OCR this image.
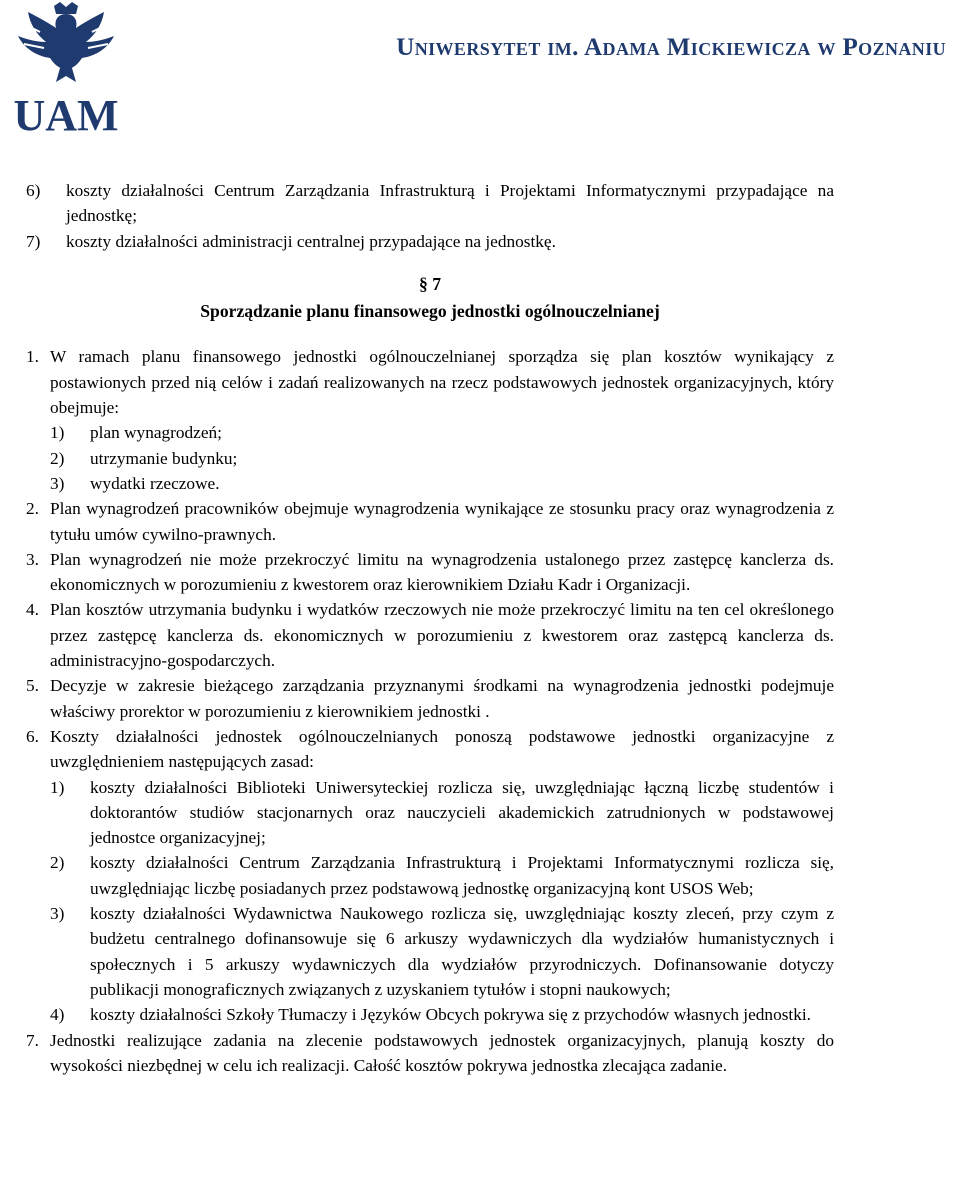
UAM
Uniwersytet im. Adama Mickiewicza w Poznaniu
6)	koszty działalności Centrum Zarządzania Infrastrukturą i Projektami Informatycznymi przypadające na jednostkę;
7)	koszty działalności administracji centralnej przypadające na jednostkę.
§ 7
Sporządzanie planu finansowego jednostki ogólnouczelnianej
1. W ramach planu finansowego jednostki ogólnouczelnianej sporządza się plan kosztów wynikający z postawionych przed nią celów i zadań realizowanych na rzecz podstawowych jednostek organizacyjnych, który obejmuje:
1)	plan wynagrodzeń;
2)	utrzymanie budynku;
3)	wydatki rzeczowe.
2. Plan wynagrodzeń pracowników obejmuje wynagrodzenia wynikające ze stosunku pracy oraz wynagrodzenia z tytułu umów cywilno-prawnych.
3. Plan wynagrodzeń nie może przekroczyć limitu na wynagrodzenia ustalonego przez zastępcę kanclerza ds. ekonomicznych w porozumieniu z kwestorem oraz kierownikiem Działu Kadr i Organizacji.
4. Plan kosztów utrzymania budynku i wydatków rzeczowych nie może przekroczyć limitu na ten cel określonego przez zastępcę kanclerza ds. ekonomicznych w porozumieniu z kwestorem oraz zastępcą kanclerza ds. administracyjno-gospodarczych.
5. Decyzje w zakresie bieżącego zarządzania przyznanymi środkami na wynagrodzenia jednostki podejmuje właściwy prorektor w porozumieniu z kierownikiem jednostki .
6. Koszty działalności jednostek ogólnouczelnianych ponoszą podstawowe jednostki organizacyjne z uwzględnieniem następujących zasad:
1)	koszty działalności Biblioteki Uniwersyteckiej rozlicza się, uwzględniając łączną liczbę studentów i doktorantów studiów stacjonarnych oraz nauczycieli akademickich zatrudnionych w podstawowej jednostce organizacyjnej;
2)	koszty działalności Centrum Zarządzania Infrastrukturą i Projektami Informatycznymi rozlicza się, uwzględniając liczbę posiadanych przez podstawową jednostkę organizacyjną kont USOS Web;
3)	koszty działalności Wydawnictwa Naukowego rozlicza się, uwzględniając koszty zleceń, przy czym z budżetu centralnego dofinansowuje się 6 arkuszy wydawniczych dla wydziałów humanistycznych i społecznych i 5 arkuszy wydawniczych dla wydziałów przyrodniczych. Dofinansowanie dotyczy publikacji monograficznych związanych z uzyskaniem tytułów i stopni naukowych;
4)	koszty działalności Szkoły Tłumaczy i Języków Obcych pokrywa się z przychodów własnych jednostki.
7. Jednostki realizujące zadania na zlecenie podstawowych jednostek organizacyjnych, planują koszty do wysokości niezbędnej w celu ich realizacji. Całość kosztów pokrywa jednostka zlecająca zadanie.
